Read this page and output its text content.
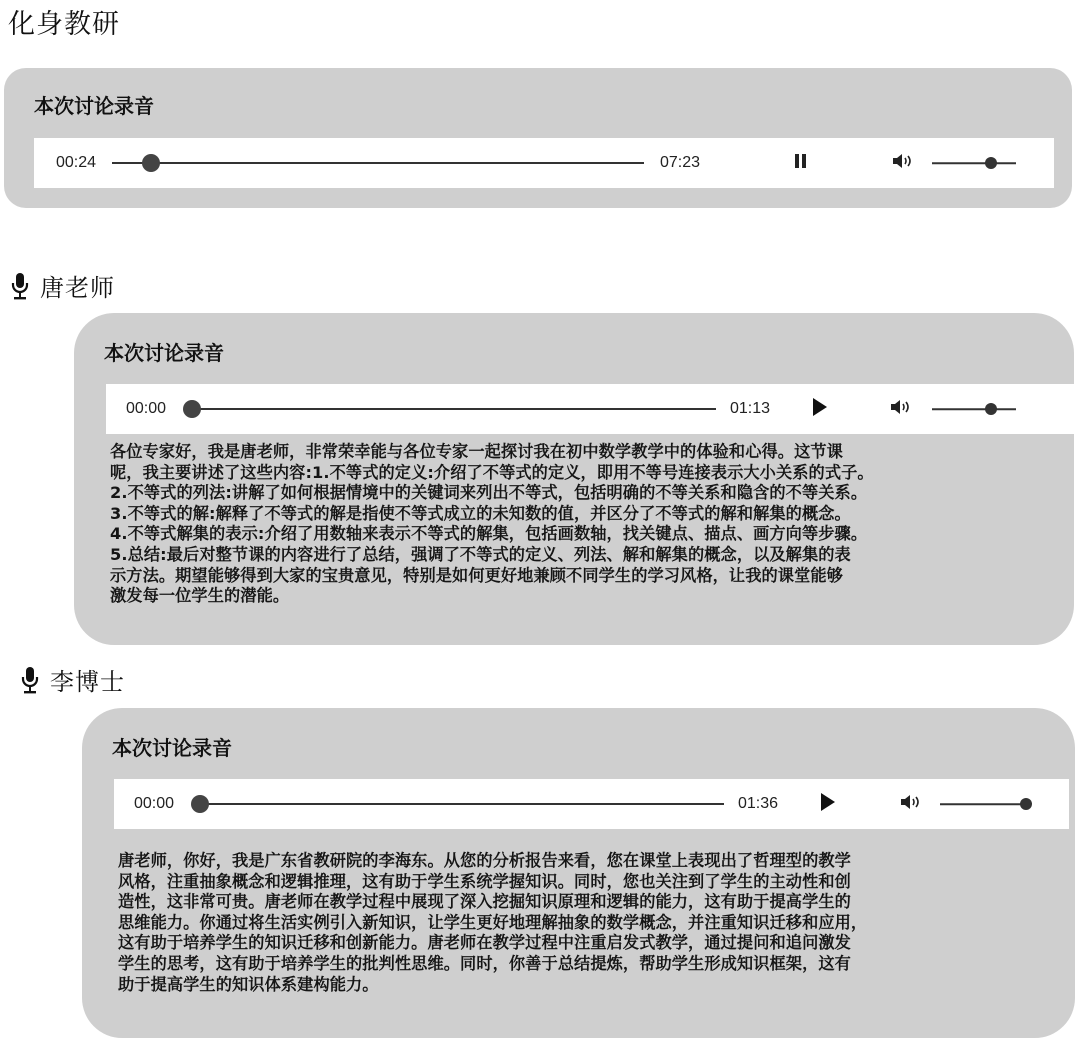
化身教研
本次讨论录音
00:24	07:23
唐老师
本次讨论录音
00:00	01:13

各位专家好，我是唐老师，非常荣幸能与各位专家一起探讨我在初中数学教学中的体验和心得。这节课
呢，我主要讲述了这些内容:1.不等式的定义:介绍了不等式的定义，即用不等号连接表示大小关系的式子。
2.不等式的列法:讲解了如何根据情境中的关键词来列出不等式，包括明确的不等关系和隐含的不等关系。
3.不等式的解:解释了不等式的解是指使不等式成立的未知数的值，并区分了不等式的解和解集的概念。
4.不等式解集的表示:介绍了用数轴来表示不等式的解集，包括画数轴，找关键点、描点、画方向等步骤。
5.总结:最后对整节课的内容进行了总结，强调了不等式的定义、列法、解和解集的概念，以及解集的表
示方法。期望能够得到大家的宝贵意见，特别是如何更好地兼顾不同学生的学习风格，让我的课堂能够
激发每一位学生的潜能。

李博士
本次讨论录音
00:00	01:36

唐老师，你好，我是广东省教研院的李海东。从您的分析报告来看，您在课堂上表现出了哲理型的教学
风格，注重抽象概念和逻辑推理，这有助于学生系统学握知识。同时，您也关注到了学生的主动性和创
造性，这非常可贵。唐老师在教学过程中展现了深入挖掘知识原理和逻辑的能力，这有助于提高学生的
思维能力。你通过将生活实例引入新知识，让学生更好地理解抽象的数学概念，并注重知识迁移和应用，
这有助于培养学生的知识迁移和创新能力。唐老师在教学过程中注重启发式教学，通过提问和追问激发
学生的思考，这有助于培养学生的批判性思维。同时，你善于总结提炼，帮助学生形成知识框架，这有
助于提高学生的知识体系建构能力。
